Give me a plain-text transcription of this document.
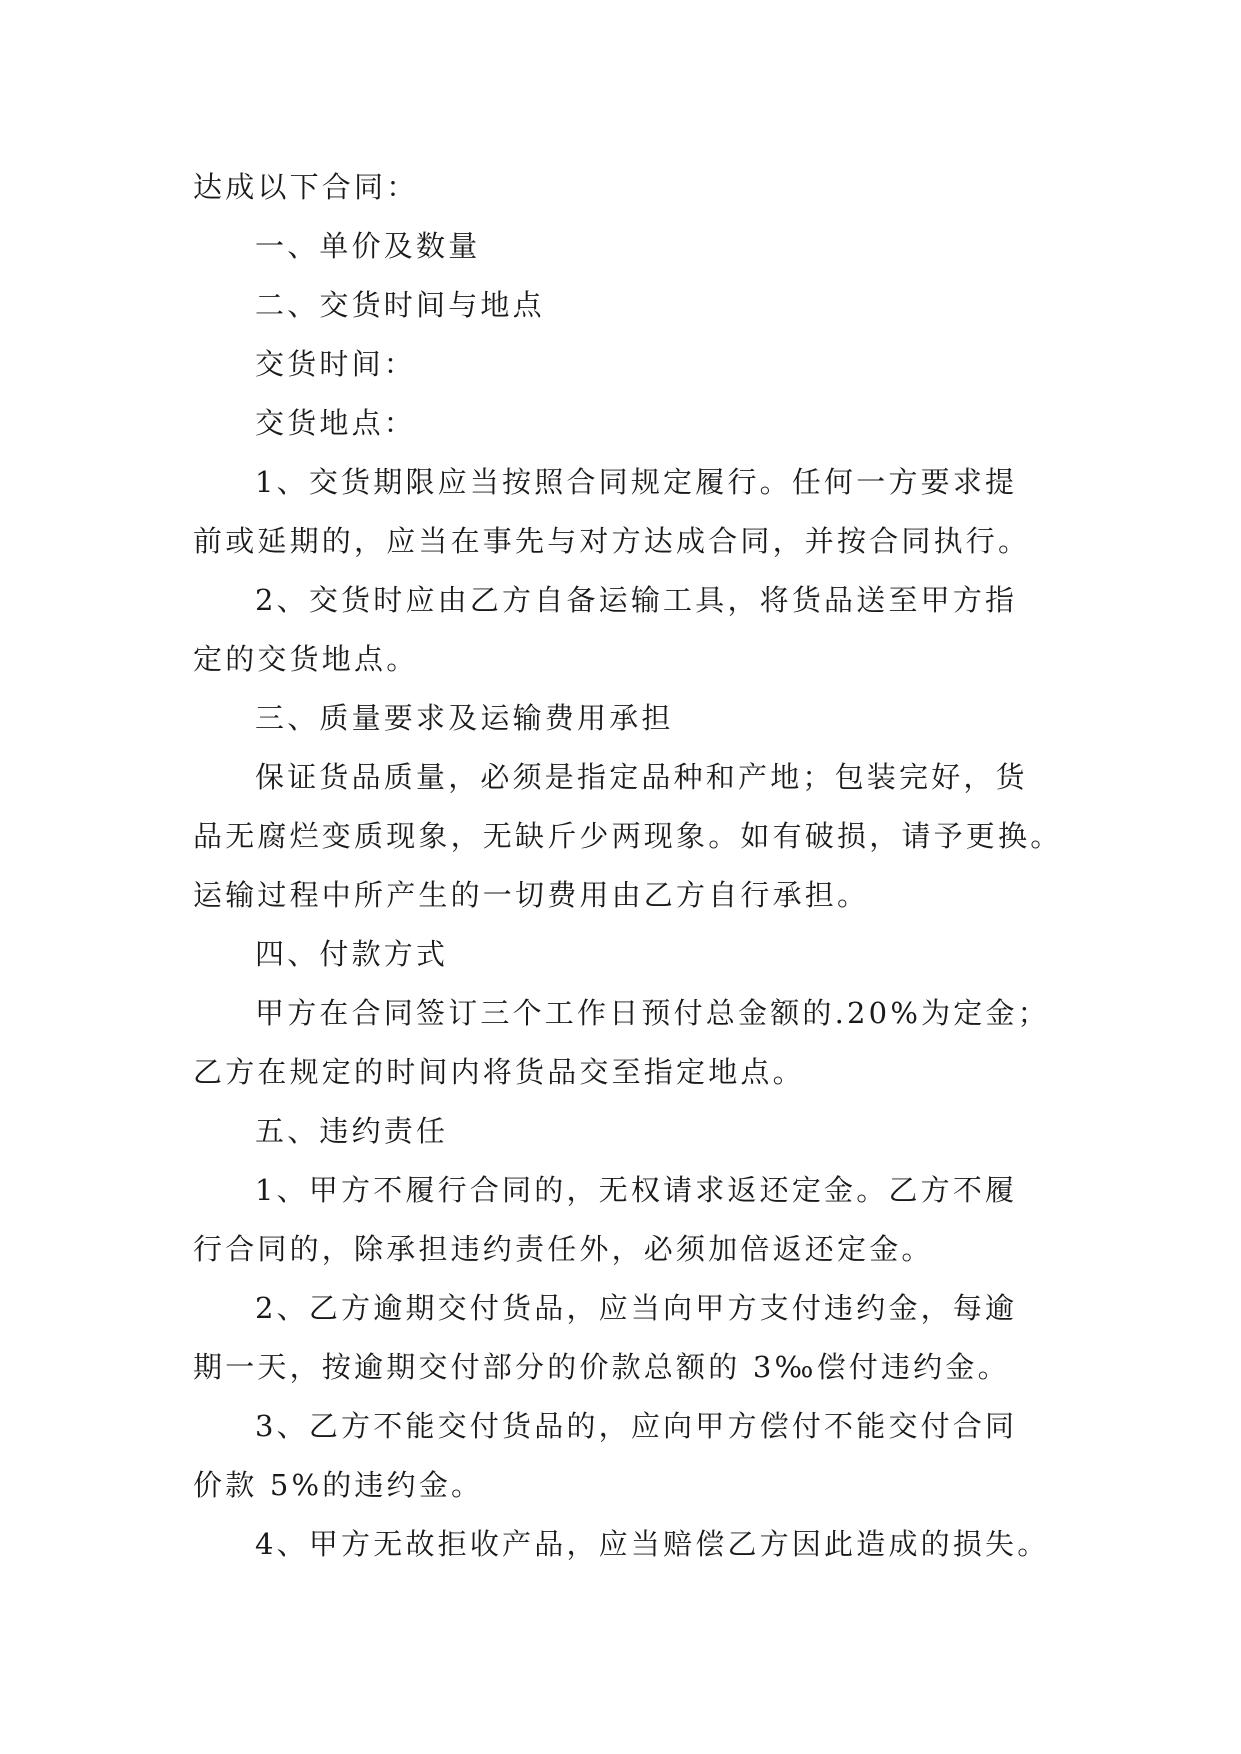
达成以下合同：

一、单价及数量

二、交货时间与地点

交货时间：

交货地点：

1、交货期限应当按照合同规定履行。任何一方要求提

前或延期的，应当在事先与对方达成合同，并按合同执行。

2、交货时应由乙方自备运输工具，将货品送至甲方指

定的交货地点。

三、质量要求及运输费用承担

保证货品质量，必须是指定品种和产地；包装完好，货

品无腐烂变质现象，无缺斤少两现象。如有破损，请予更换。

运输过程中所产生的一切费用由乙方自行承担。

四、付款方式

甲方在合同签订三个工作日预付总金额的.20%为定金；

乙方在规定的时间内将货品交至指定地点。

五、违约责任

1、甲方不履行合同的，无权请求返还定金。乙方不履

行合同的，除承担违约责任外，必须加倍返还定金。

2、乙方逾期交付货品，应当向甲方支付违约金，每逾

期一天，按逾期交付部分的价款总额的 3‰偿付违约金。

3、乙方不能交付货品的，应向甲方偿付不能交付合同

价款 5%的违约金。

4、甲方无故拒收产品，应当赔偿乙方因此造成的损失。
